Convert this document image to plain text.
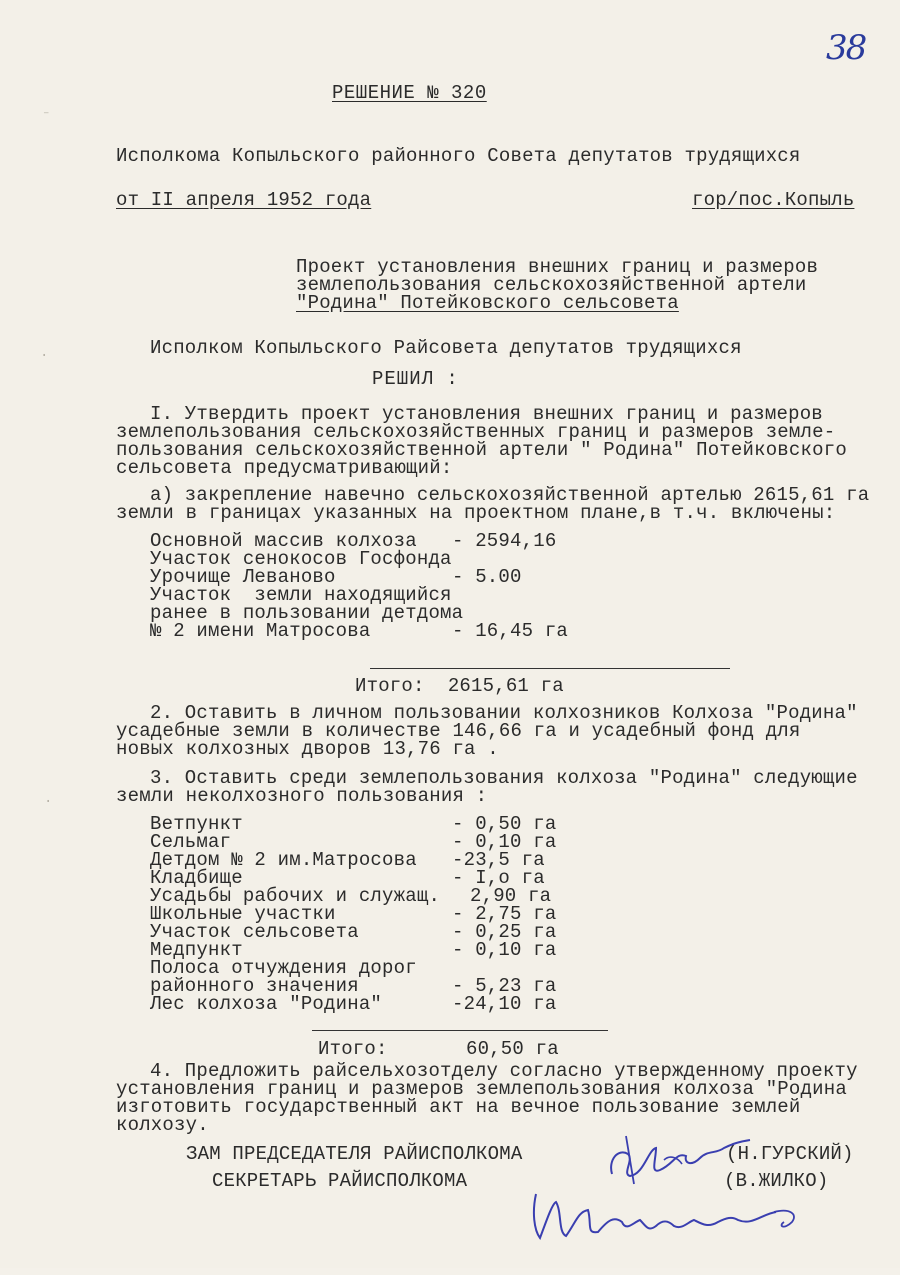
38
⁻
·
·
РЕШЕНИЕ № 320
Исполкома Копыльского районного Совета депутатов трудящихся
от II апреля 1952 года	гор/пос.Копыль
Проект установления внешних границ и размеров
землепользования сельскохозяйственной артели
"Родина" Потейковского сельсовета
Исполком Копыльского Райсовета депутатов трудящихся
РЕШИЛ :
I. Утвердить проект установления внешних границ и размеров
землепользования сельскохозяйственных границ и размеров земле-
пользования сельскохозяйственной артели " Родина" Потейковского
сельсовета предусматривающий:
а) закрепление навечно сельскохозяйственной артелью 2615,61 га
земли в границах указанных на проектном плане,в т.ч. включены:
Основной массив колхоза - 2594,16
Участок сенокосов Госфонда
Урочище Леваново	- 5.00
Участок  земли находящийся
ранее в пользовании детдома
№ 2 имени Матросова	- 16,45 га
Итого:  2615,61 га
2. Оставить в личном пользовании колхозников Колхоза "Родина"
усадебные земли в количестве 146,66 га и усадебный фонд для
новых колхозных дворов 13,76 га .
3. Оставить среди землепользования колхоза "Родина" следующие
земли неколхозного пользования :
Ветпункт	- 0,50 га
Сельмаг	- 0,10 га
Детдом № 2 им.Матросова -23,5 га
Кладбище	- I,о га
Усадьбы рабочих и служащ. 2,90 га
Школьные участки	- 2,75 га
Участок сельсовета	- 0,25 га
Медпункт	- 0,10 га
Полоса отчуждения дорог
районного значения	- 5,23 га
Лес колхоза "Родина"	-24,10 га
Итого:	60,50 га
4. Предложить райсельхозотделу согласно утвержденному проекту
установления границ и размеров землепользования колхоза "Родина
изготовить государственный акт на вечное пользование землей
колхозу.
ЗАМ ПРЕДСЕДАТЕЛЯ РАЙИСПОЛКОМА	(Н.ГУРСКИЙ)
СЕКРЕТАРЬ РАЙИСПОЛКОМА	(В.ЖИЛКО)
